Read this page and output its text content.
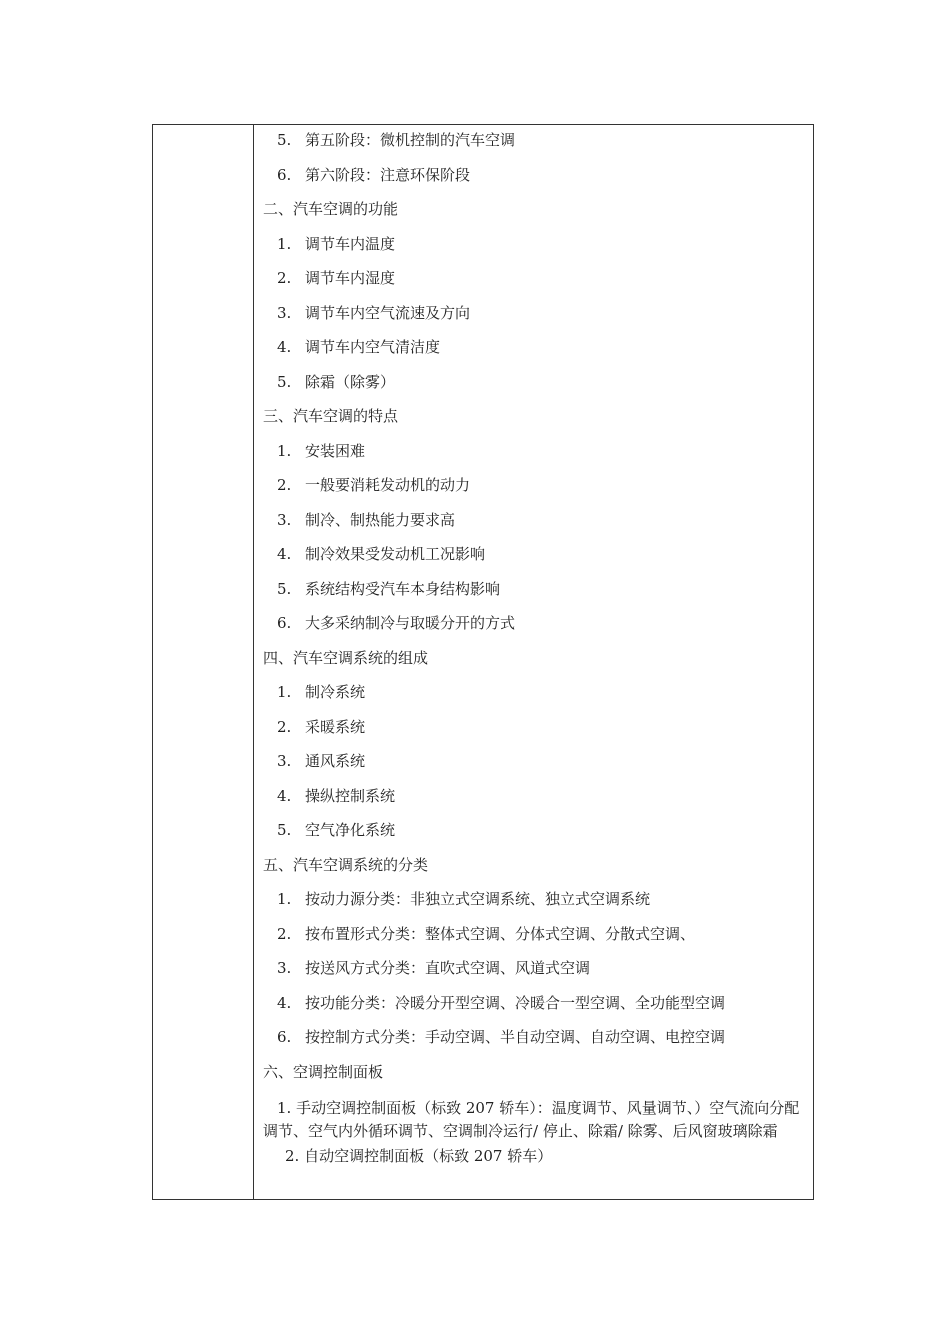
5. 第五阶段：微机控制的汽车空调
6. 第六阶段：注意环保阶段
二、汽车空调的功能
1. 调节车内温度
2. 调节车内湿度
3. 调节车内空气流速及方向
4. 调节车内空气清洁度
5. 除霜（除雾）
三、汽车空调的特点
1. 安装困难
2. 一般要消耗发动机的动力
3. 制冷、制热能力要求高
4. 制冷效果受发动机工况影响
5. 系统结构受汽车本身结构影响
6. 大多采纳制冷与取暖分开的方式
四、汽车空调系统的组成
1. 制冷系统
2. 采暖系统
3. 通风系统
4. 操纵控制系统
5. 空气净化系统
五、汽车空调系统的分类
1. 按动力源分类：非独立式空调系统、独立式空调系统
2. 按布置形式分类：整体式空调、分体式空调、分散式空调、
3. 按送风方式分类：直吹式空调、风道式空调
4. 按功能分类：冷暖分开型空调、冷暖合一型空调、全功能型空调
6. 按控制方式分类：手动空调、半自动空调、自动空调、电控空调
六、空调控制面板
1. 手动空调控制面板（标致 207 轿车）：温度调节、风量调节、）空气流向分配调节、空气内外循环调节、空调制冷运行/ 停止、除霜/ 除雾、后风窗玻璃除霜
2. 自动空调控制面板（标致 207 轿车）
